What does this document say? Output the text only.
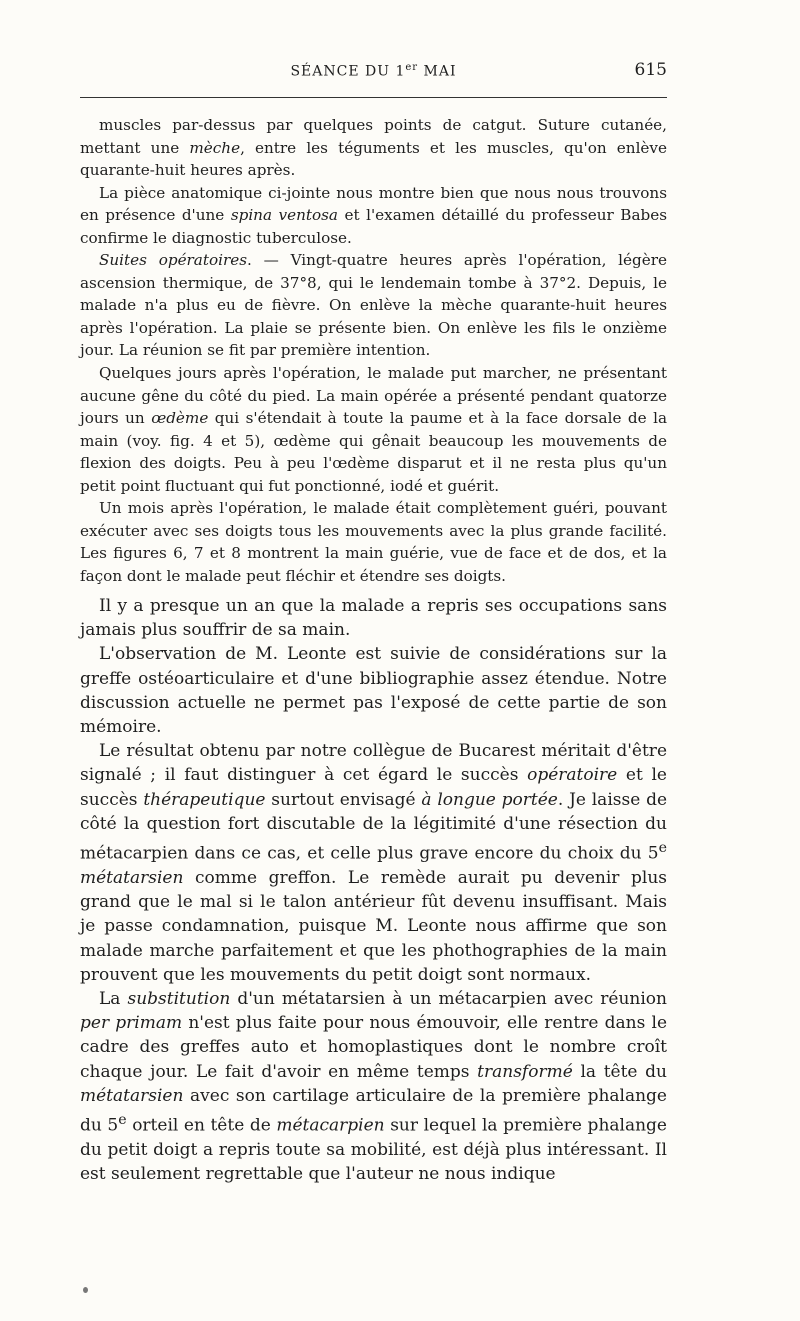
SÉANCE DU 1er MAI	615

muscles par-dessus par quelques points de catgut. Suture cutanée, mettant une mèche, entre les téguments et les muscles, qu'on enlève quarante-huit heures après.

La pièce anatomique ci-jointe nous montre bien que nous nous trouvons en présence d'une spina ventosa et l'examen détaillé du professeur Babes confirme le diagnostic tuberculose.

Suites opératoires. — Vingt-quatre heures après l'opération, légère ascension thermique, de 37°8, qui le lendemain tombe à 37°2. Depuis, le malade n'a plus eu de fièvre. On enlève la mèche quarante-huit heures après l'opération. La plaie se présente bien. On enlève les fils le onzième jour. La réunion se fit par première intention.

Quelques jours après l'opération, le malade put marcher, ne présentant aucune gêne du côté du pied. La main opérée a présenté pendant quatorze jours un œdème qui s'étendait à toute la paume et à la face dorsale de la main (voy. fig. 4 et 5), œdème qui gênait beaucoup les mouvements de flexion des doigts. Peu à peu l'œdème disparut et il ne resta plus qu'un petit point fluctuant qui fut ponctionné, iodé et guérit.

Un mois après l'opération, le malade était complètement guéri, pouvant exécuter avec ses doigts tous les mouvements avec la plus grande facilité. Les figures 6, 7 et 8 montrent la main guérie, vue de face et de dos, et la façon dont le malade peut fléchir et étendre ses doigts.

Il y a presque un an que la malade a repris ses occupations sans jamais plus souffrir de sa main.

L'observation de M. Leonte est suivie de considérations sur la greffe ostéoarticulaire et d'une bibliographie assez étendue. Notre discussion actuelle ne permet pas l'exposé de cette partie de son mémoire.

Le résultat obtenu par notre collègue de Bucarest méritait d'être signalé ; il faut distinguer à cet égard le succès opératoire et le succès thérapeutique surtout envisagé à longue portée. Je laisse de côté la question fort discutable de la légitimité d'une résection du métacarpien dans ce cas, et celle plus grave encore du choix du 5e métatarsien comme greffon. Le remède aurait pu devenir plus grand que le mal si le talon antérieur fût devenu insuffisant. Mais je passe condamnation, puisque M. Leonte nous affirme que son malade marche parfaitement et que les phothographies de la main prouvent que les mouvements du petit doigt sont normaux.

La substitution d'un métatarsien à un métacarpien avec réunion per primam n'est plus faite pour nous émouvoir, elle rentre dans le cadre des greffes auto et homoplastiques dont le nombre croît chaque jour. Le fait d'avoir en même temps transformé la tête du métatarsien avec son cartilage articulaire de la première phalange du 5e orteil en tête de métacarpien sur lequel la première phalange du petit doigt a repris toute sa mobilité, est déjà plus intéressant. Il est seulement regrettable que l'auteur ne nous indique
